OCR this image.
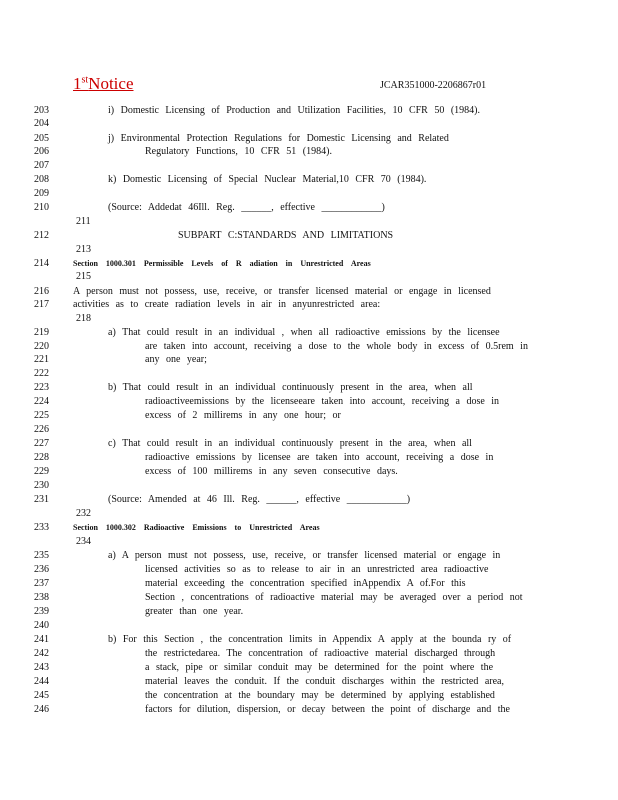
1stNotice	JCAR351000-2206867r01
203	i) Domestic Licensing of Production and Utilization Facilities, 10 CFR 50 (1984).
204
205	j) Environmental Protection Regulations for Domestic Licensing and Related
206	Regulatory Functions, 10 CFR 51 (1984).
207
208	k) Domestic Licensing of Special Nuclear Material,10 CFR 70 (1984).
209
210	(Source: Addedat 46Ill. Reg. ______, effective ____________)
211
212	SUBPART C:STANDARDS AND LIMITATIONS
213
214	Section 1000.301 Permissible Levels of R adiation in Unrestricted Areas
215
216 A person must not possess, use, receive, or transfer licensed material or engage in licensed
217 activities as to create radiation levels in air in anyunrestricted area:
218
219	a) That could result in an individual , when all radioactive emissions by the licensee
220	are taken into account, receiving a dose to the whole body in excess of 0.5rem in
221	any one year;
222
223	b) That could result in an individual continuously present in the area, when all
224	radioactiveemissions by the licenseeare taken into account, receiving a dose in
225	excess of 2 millirems in any one hour; or
226
227	c) That could result in an individual continuously present in the area, when all
228	radioactive emissions by licensee are taken into account, receiving a dose in
229	excess of 100 millirems in any seven consecutive days.
230
231	(Source: Amended at 46 Ill. Reg. ______, effective ____________)
232
233	Section 1000.302 Radioactive Emissions to Unrestricted Areas
234
235	a) A person must not possess, use, receive, or transfer licensed material or engage in
236	licensed activities so as to release to air in an unrestricted area radioactive
237	material exceeding the concentration specified inAppendix A of.For this
238	Section , concentrations of radioactive material may be averaged over a period not
239	greater than one year.
240
241	b) For this Section , the concentration limits in Appendix A apply at the bounda ry of
242	the restrictedarea. The concentration of radioactive material discharged through
243	a stack, pipe or similar conduit may be determined for the point where the
244	material leaves the conduit. If the conduit discharges within the restricted area,
245	the concentration at the boundary may be determined by applying established
246	factors for dilution, dispersion, or decay between the point of discharge and the
